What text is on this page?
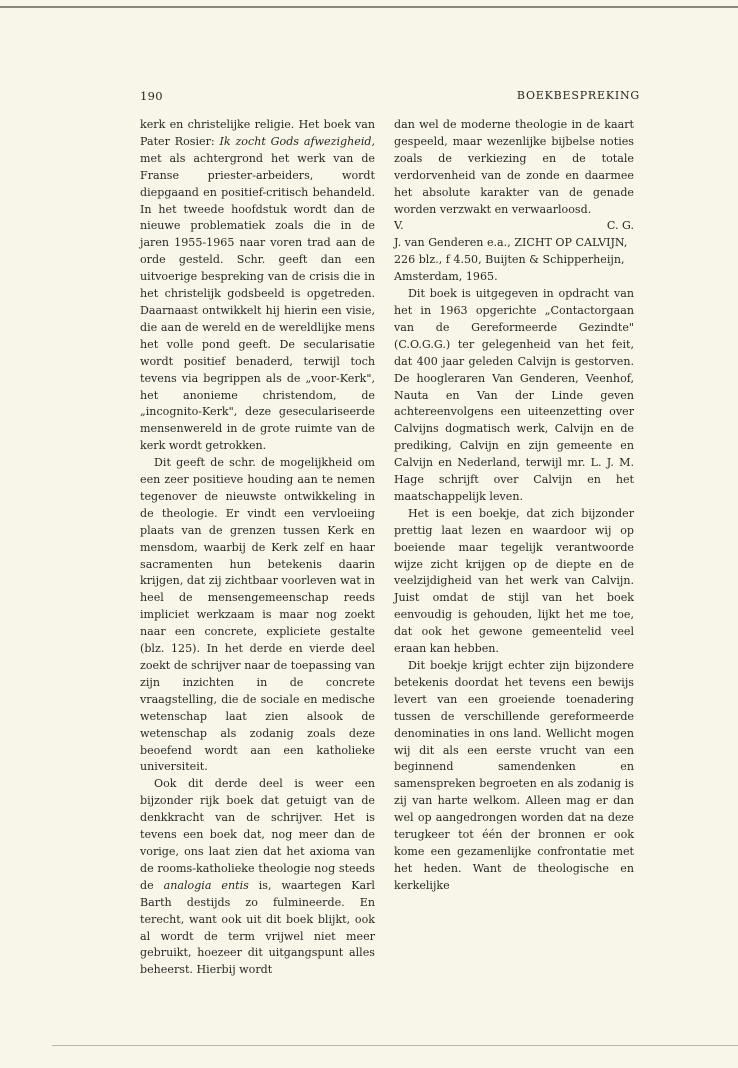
190	BOEKBESPREKING

kerk en christelijke religie. Het boek van Pater Rosier: Ik zocht Gods afwezigheid, met als achtergrond het werk van de Franse priester-arbeiders, wordt diepgaand en positief-critisch behandeld. In het tweede hoofdstuk wordt dan de nieuwe problematiek zoals die in de jaren 1955-1965 naar voren trad aan de orde gesteld. Schr. geeft dan een uitvoerige bespreking van de crisis die in het christelijk godsbeeld is opgetreden. Daarnaast ontwikkelt hij hierin een visie, die aan de wereld en de wereldlijke mens het volle pond geeft. De secularisatie wordt positief benaderd, terwijl toch tevens via begrippen als de „voor-Kerk", het anonieme christendom, de „incognito-Kerk", deze geseculariseerde mensenwereld in de grote ruimte van de kerk wordt getrokken.

Dit geeft de schr. de mogelijkheid om een zeer positieve houding aan te nemen tegenover de nieuwste ontwikkeling in de theologie. Er vindt een vervloeiing plaats van de grenzen tussen Kerk en mensdom, waarbij de Kerk zelf en haar sacramenten hun betekenis daarin krijgen, dat zij zichtbaar voorleven wat in heel de mensengemeenschap reeds impliciet werkzaam is maar nog zoekt naar een concrete, expliciete gestalte (blz. 125). In het derde en vierde deel zoekt de schrijver naar de toepassing van zijn inzichten in de concrete vraagstelling, die de sociale en medische wetenschap laat zien alsook de wetenschap als zodanig zoals deze beoefend wordt aan een katholieke universiteit.

Ook dit derde deel is weer een bijzonder rijk boek dat getuigt van de denkkracht van de schrijver. Het is tevens een boek dat, nog meer dan de vorige, ons laat zien dat het axioma van de rooms-katholieke theologie nog steeds de analogia entis is, waartegen Karl Barth destijds zo fulmineerde. En terecht, want ook uit dit boek blijkt, ook al wordt de term vrijwel niet meer gebruikt, hoezeer dit uitgangspunt alles beheerst. Hierbij wordt

dan wel de moderne theologie in de kaart gespeeld, maar wezenlijke bijbelse noties zoals de verkiezing en de totale verdorvenheid van de zonde en daarmee het absolute karakter van de genade worden verzwakt en verwaarloosd.

V.	C. G.

J. van Genderen e.a., ZICHT OP CALVIJN, 226 blz., f 4.50, Buijten & Schipperheijn, Amsterdam, 1965.

Dit boek is uitgegeven in opdracht van het in 1963 opgerichte „Contactorgaan van de Gereformeerde Gezindte" (C.O.G.G.) ter gelegenheid van het feit, dat 400 jaar geleden Calvijn is gestorven. De hoogleraren Van Genderen, Veenhof, Nauta en Van der Linde geven achtereenvolgens een uiteenzetting over Calvijns dogmatisch werk, Calvijn en de prediking, Calvijn en zijn gemeente en Calvijn en Nederland, terwijl mr. L. J. M. Hage schrijft over Calvijn en het maatschappelijk leven.

Het is een boekje, dat zich bijzonder prettig laat lezen en waardoor wij op boeiende maar tegelijk verantwoorde wijze zicht krijgen op de diepte en de veelzijdigheid van het werk van Calvijn. Juist omdat de stijl van het boek eenvoudig is gehouden, lijkt het me toe, dat ook het gewone gemeentelid veel eraan kan hebben.

Dit boekje krijgt echter zijn bijzondere betekenis doordat het tevens een bewijs levert van een groeiende toenadering tussen de verschillende gereformeerde denominaties in ons land. Wellicht mogen wij dit als een eerste vrucht van een beginnend samendenken en samenspreken begroeten en als zodanig is zij van harte welkom. Alleen mag er dan wel op aangedrongen worden dat na deze terugkeer tot één der bronnen er ook kome een gezamenlijke confrontatie met het heden. Want de theologische en kerkelijke
